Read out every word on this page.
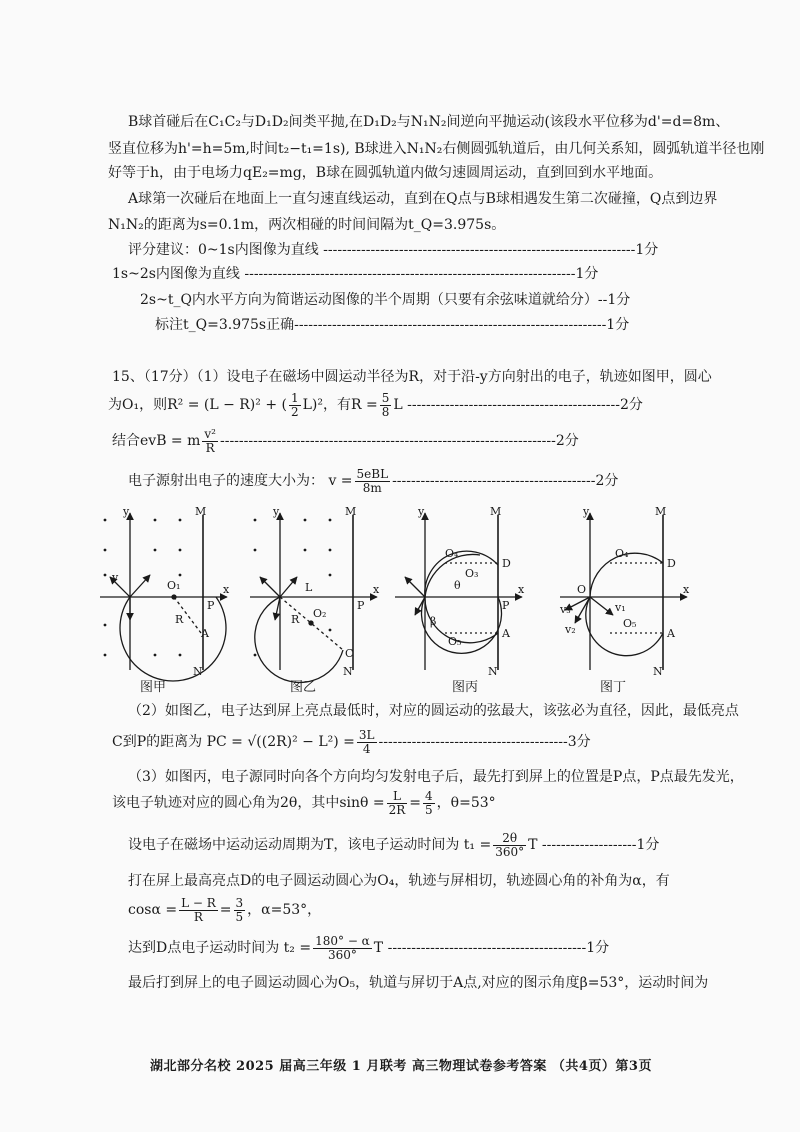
B球首碰后在C₁C₂与D₁D₂间类平抛,在D₁D₂与N₁N₂间逆向平抛运动(该段水平位移为d'=d=8m、
竖直位移为h'=h=5m,时间t₂−t₁=1s), B球进入N₁N₂右侧圆弧轨道后，由几何关系知，圆弧轨道半径也刚
好等于h，由于电场力qE₂=mg，B球在圆弧轨道内做匀速圆周运动，直到回到水平地面。
A球第一次碰后在地面上一直匀速直线运动，直到在Q点与B球相遇发生第二次碰撞，Q点到边界
N₁N₂的距离为s=0.1m，两次相碰的时间间隔为t_Q=3.975s。
评分建议：0~1s内图像为直线 ------------------------------------------------------------------1分
1s~2s内图像为直线 ----------------------------------------------------------------------1分
2s~t_Q内水平方向为简谐运动图像的半个周期（只要有余弦味道就给分）--1分
标注t_Q=3.975s正确------------------------------------------------------------------1分
15、（17分）（1）设电子在磁场中圆运动半径为R，对于沿-y方向射出的电子，轨迹如图甲，圆心
为O₁，则R² = (L − R)² + ( $\frac{1}{2} L)^2$，有$R = \frac{5}{8}$ L ---------------------------------------------2分
结合evB = m $\frac{\text{v²}}{R} -----------------------------------------------------------------------2$分
电子源射出电子的速度大小为： $v = \frac{\text{5eBL}}{8m} -------------------------------------------2$分
y	M
x
O₁
P
R
A
N
v
y	M
x
L
O₂
R
P
C
N
y	M
x
O₄
O₃
D
P
O₅
A
β
θ
N
y	M
x
O
O₄
D
O₅
A
v₃
v₂
v₁
N
图甲	图乙	图丙	图丁
（2）如图乙，电子达到屏上亮点最低时，对应的圆运动的弦最大，该弦必为直径，因此，最低亮点
C到P的距离为 PC = $√((2R)^2 - L^2) = \frac{3L}{4} ----------------------------------------3$分
（3）如图丙，电子源同时向各个方向均匀发射电子后，最先打到屏上的位置是P点，P点最先发光，
该电子轨迹对应的圆心角为2θ，其中$\sin\theta = \frac{L}{2R} = \frac{4}{5}$ ，θ=53°
设电子在磁场中运动运动周期为T，该电子运动时间为 $t_1 = \frac{2\theta}{360^\circ}$ T --------------------1分
打在屏上最高亮点D的电子圆运动圆心为O₄，轨迹与屏相切，轨迹圆心角的补角为α，有
$\cos\alpha = \frac{L - R}{R} = \frac{3}{5}$ ，α=53°，
达到D点电子运动时间为 $t_2 = \frac{180^\circ - \alpha}{360^\circ}$ T ------------------------------------------1分
最后打到屏上的电子圆运动圆心为O₅，轨道与屏切于A点,对应的图示角度β=53°，运动时间为
湖北部分名校 2025 届高三年级 1 月联考 高三物理试卷参考答案 （共4页）第3页
